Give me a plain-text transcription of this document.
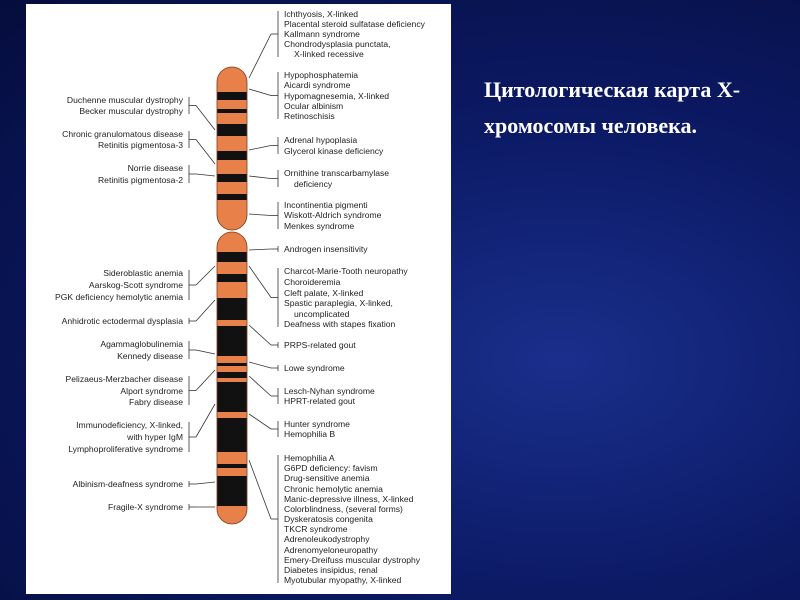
Ichthyosis, X-linked
Placental steroid sulfatase deficiency
Kallmann syndrome
Chondrodysplasia punctata,
X-linked recessive
Hypophosphatemia
Aicardi syndrome
Hypomagnesemia, X-linked
Ocular albinism
Retinoschisis
Adrenal hypoplasia
Glycerol kinase deficiency
Ornithine transcarbamylase
deficiency
Incontinentia pigmenti
Wiskott-Aldrich syndrome
Menkes syndrome
Androgen insensitivity
Charcot-Marie-Tooth neuropathy
Choroideremia
Cleft palate, X-linked
Spastic paraplegia, X-linked,
uncomplicated
Deafness with stapes fixation
PRPS-related gout
Lowe syndrome
Lesch-Nyhan syndrome
HPRT-related gout
Hunter syndrome
Hemophilia B
Hemophilia A
G6PD deficiency: favism
Drug-sensitive anemia
Chronic hemolytic anemia
Manic-depressive illness, X-linked
Colorblindness, (several forms)
Dyskeratosis congenita
TKCR syndrome
Adrenoleukodystrophy
Adrenomyeloneuropathy
Emery-Dreifuss muscular dystrophy
Diabetes insipidus, renal
Myotubular myopathy, X-linked
Duchenne muscular dystrophy
Becker muscular dystrophy
Chronic granulomatous disease
Retinitis pigmentosa-3
Norrie disease
Retinitis pigmentosa-2
Sideroblastic anemia
Aarskog-Scott syndrome
PGK deficiency hemolytic anemia
Anhidrotic ectodermal dysplasia
Agammaglobulinemia
Kennedy disease
Pelizaeus-Merzbacher disease
Alport syndrome
Fabry disease
Immunodeficiency, X-linked,
with hyper IgM
Lymphoproliferative syndrome
Albinism-deafness syndrome
Fragile-X syndrome
Цитологическая карта Х-
хромосомы человека.
